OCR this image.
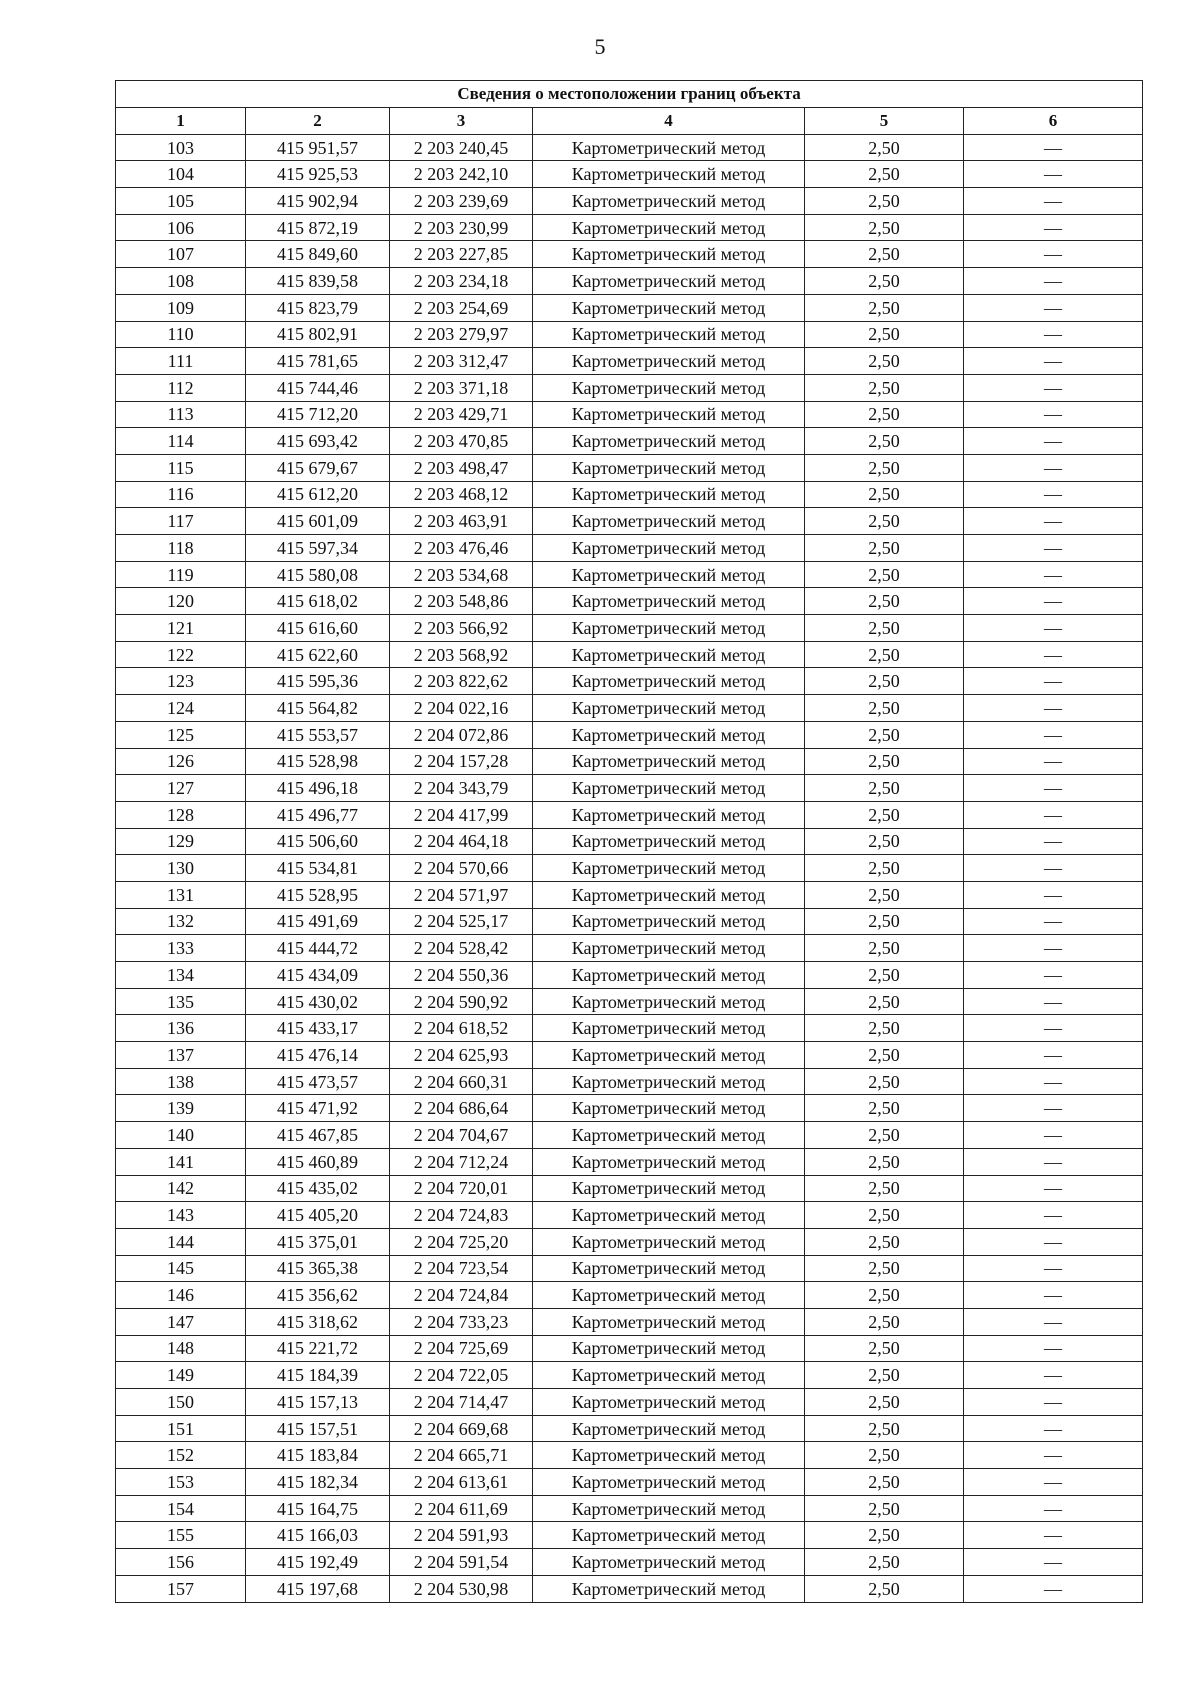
5
Сведения о местоположении границ объекта					
1	2	3	4	5	6
103	415 951,57	2 203 240,45	Картометрический метод	2,50	—
104	415 925,53	2 203 242,10	Картометрический метод	2,50	—
105	415 902,94	2 203 239,69	Картометрический метод	2,50	—
106	415 872,19	2 203 230,99	Картометрический метод	2,50	—
107	415 849,60	2 203 227,85	Картометрический метод	2,50	—
108	415 839,58	2 203 234,18	Картометрический метод	2,50	—
109	415 823,79	2 203 254,69	Картометрический метод	2,50	—
110	415 802,91	2 203 279,97	Картометрический метод	2,50	—
111	415 781,65	2 203 312,47	Картометрический метод	2,50	—
112	415 744,46	2 203 371,18	Картометрический метод	2,50	—
113	415 712,20	2 203 429,71	Картометрический метод	2,50	—
114	415 693,42	2 203 470,85	Картометрический метод	2,50	—
115	415 679,67	2 203 498,47	Картометрический метод	2,50	—
116	415 612,20	2 203 468,12	Картометрический метод	2,50	—
117	415 601,09	2 203 463,91	Картометрический метод	2,50	—
118	415 597,34	2 203 476,46	Картометрический метод	2,50	—
119	415 580,08	2 203 534,68	Картометрический метод	2,50	—
120	415 618,02	2 203 548,86	Картометрический метод	2,50	—
121	415 616,60	2 203 566,92	Картометрический метод	2,50	—
122	415 622,60	2 203 568,92	Картометрический метод	2,50	—
123	415 595,36	2 203 822,62	Картометрический метод	2,50	—
124	415 564,82	2 204 022,16	Картометрический метод	2,50	—
125	415 553,57	2 204 072,86	Картометрический метод	2,50	—
126	415 528,98	2 204 157,28	Картометрический метод	2,50	—
127	415 496,18	2 204 343,79	Картометрический метод	2,50	—
128	415 496,77	2 204 417,99	Картометрический метод	2,50	—
129	415 506,60	2 204 464,18	Картометрический метод	2,50	—
130	415 534,81	2 204 570,66	Картометрический метод	2,50	—
131	415 528,95	2 204 571,97	Картометрический метод	2,50	—
132	415 491,69	2 204 525,17	Картометрический метод	2,50	—
133	415 444,72	2 204 528,42	Картометрический метод	2,50	—
134	415 434,09	2 204 550,36	Картометрический метод	2,50	—
135	415 430,02	2 204 590,92	Картометрический метод	2,50	—
136	415 433,17	2 204 618,52	Картометрический метод	2,50	—
137	415 476,14	2 204 625,93	Картометрический метод	2,50	—
138	415 473,57	2 204 660,31	Картометрический метод	2,50	—
139	415 471,92	2 204 686,64	Картометрический метод	2,50	—
140	415 467,85	2 204 704,67	Картометрический метод	2,50	—
141	415 460,89	2 204 712,24	Картометрический метод	2,50	—
142	415 435,02	2 204 720,01	Картометрический метод	2,50	—
143	415 405,20	2 204 724,83	Картометрический метод	2,50	—
144	415 375,01	2 204 725,20	Картометрический метод	2,50	—
145	415 365,38	2 204 723,54	Картометрический метод	2,50	—
146	415 356,62	2 204 724,84	Картометрический метод	2,50	—
147	415 318,62	2 204 733,23	Картометрический метод	2,50	—
148	415 221,72	2 204 725,69	Картометрический метод	2,50	—
149	415 184,39	2 204 722,05	Картометрический метод	2,50	—
150	415 157,13	2 204 714,47	Картометрический метод	2,50	—
151	415 157,51	2 204 669,68	Картометрический метод	2,50	—
152	415 183,84	2 204 665,71	Картометрический метод	2,50	—
153	415 182,34	2 204 613,61	Картометрический метод	2,50	—
154	415 164,75	2 204 611,69	Картометрический метод	2,50	—
155	415 166,03	2 204 591,93	Картометрический метод	2,50	—
156	415 192,49	2 204 591,54	Картометрический метод	2,50	—
157	415 197,68	2 204 530,98	Картометрический метод	2,50	—
